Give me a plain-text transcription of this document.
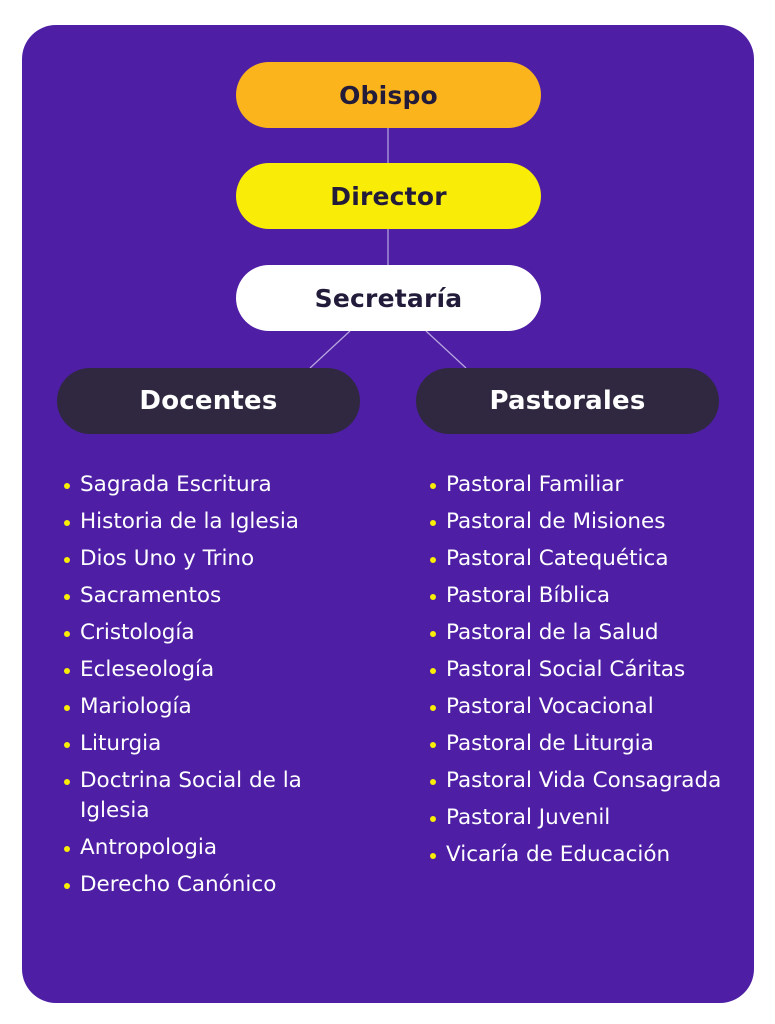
Obispo
Director
Secretaría
Docentes	Pastorales
Sagrada Escritura
Historia de la Iglesia
Dios Uno y Trino
Sacramentos
Cristología
Ecleseología
Mariología
Liturgia
Doctrina Social de la Iglesia
Antropologia
Derecho Canónico
Pastoral Familiar
Pastoral de Misiones
Pastoral Catequética
Pastoral Bíblica
Pastoral de la Salud
Pastoral Social Cáritas
Pastoral Vocacional
Pastoral de Liturgia
Pastoral Vida Consagrada
Pastoral Juvenil
Vicaría de Educación
